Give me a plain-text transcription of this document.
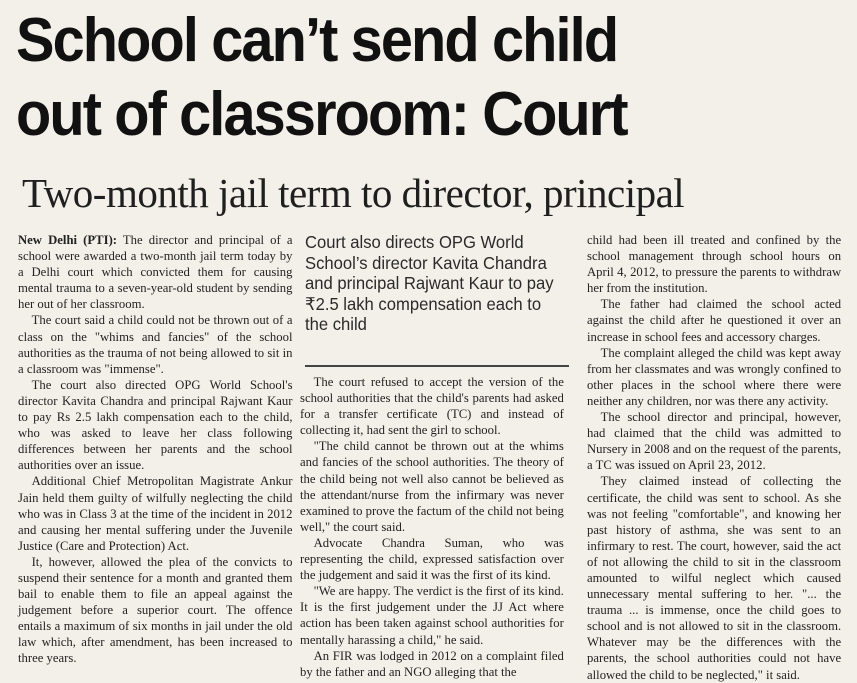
School can’t send child
out of classroom: Court
Two-month jail term to director, principal

New Delhi (PTI): The director and principal of a school were awarded a two-month jail term today by a Delhi court which convicted them for causing mental trauma to a seven-year-old student by sending her out of her classroom.

The court said a child could not be thrown out of a class on the "whims and fancies" of the school authorities as the trauma of not being allowed to sit in a classroom was "immense".

The court also directed OPG World School's director Kavita Chandra and principal Rajwant Kaur to pay Rs 2.5 lakh compensation each to the child, who was asked to leave her class following differences between her parents and the school authorities over an issue.

Additional Chief Metropolitan Magistrate Ankur Jain held them guilty of wilfully neglecting the child who was in Class 3 at the time of the incident in 2012 and causing her mental suffering under the Juvenile Justice (Care and Protection) Act.

It, however, allowed the plea of the convicts to suspend their sentence for a month and granted them bail to enable them to file an appeal against the judgement before a superior court. The offence entails a maximum of six months in jail under the old law which, after amendment, has been increased to three years.

Court also directs OPG World School’s director Kavita Chandra and principal Rajwant Kaur to pay ₹2.5 lakh compensation each to the child

The court refused to accept the version of the school authorities that the child's parents had asked for a transfer certificate (TC) and instead of collecting it, had sent the girl to school.

"The child cannot be thrown out at the whims and fancies of the school authorities. The theory of the child being not well also cannot be believed as the attendant/nurse from the infirmary was never examined to prove the factum of the child not being well," the court said.

Advocate Chandra Suman, who was representing the child, expressed satisfaction over the judgement and said it was the first of its kind.

"We are happy. The verdict is the first of its kind. It is the first judgement under the JJ Act where action has been taken against school authorities for mentally harassing a child," he said.

An FIR was lodged in 2012 on a complaint filed by the father and an NGO alleging that the

child had been ill treated and confined by the school management through school hours on April 4, 2012, to pressure the parents to withdraw her from the institution.

The father had claimed the school acted against the child after he questioned it over an increase in school fees and accessory charges.

The complaint alleged the child was kept away from her classmates and was wrongly confined to other places in the school where there were neither any children, nor was there any activity.

The school director and principal, however, had claimed that the child was admitted to Nursery in 2008 and on the request of the parents, a TC was issued on April 23, 2012.

They claimed instead of collecting the certificate, the child was sent to school. As she was not feeling "comfortable", and knowing her past history of asthma, she was sent to an infirmary to rest. The court, however, said the act of not allowing the child to sit in the classroom amounted to wilful neglect which caused unnecessary mental suffering to her. "... the trauma ... is immense, once the child goes to school and is not allowed to sit in the classroom. Whatever may be the differences with the parents, the school authorities could not have allowed the child to be neglected," it said.
